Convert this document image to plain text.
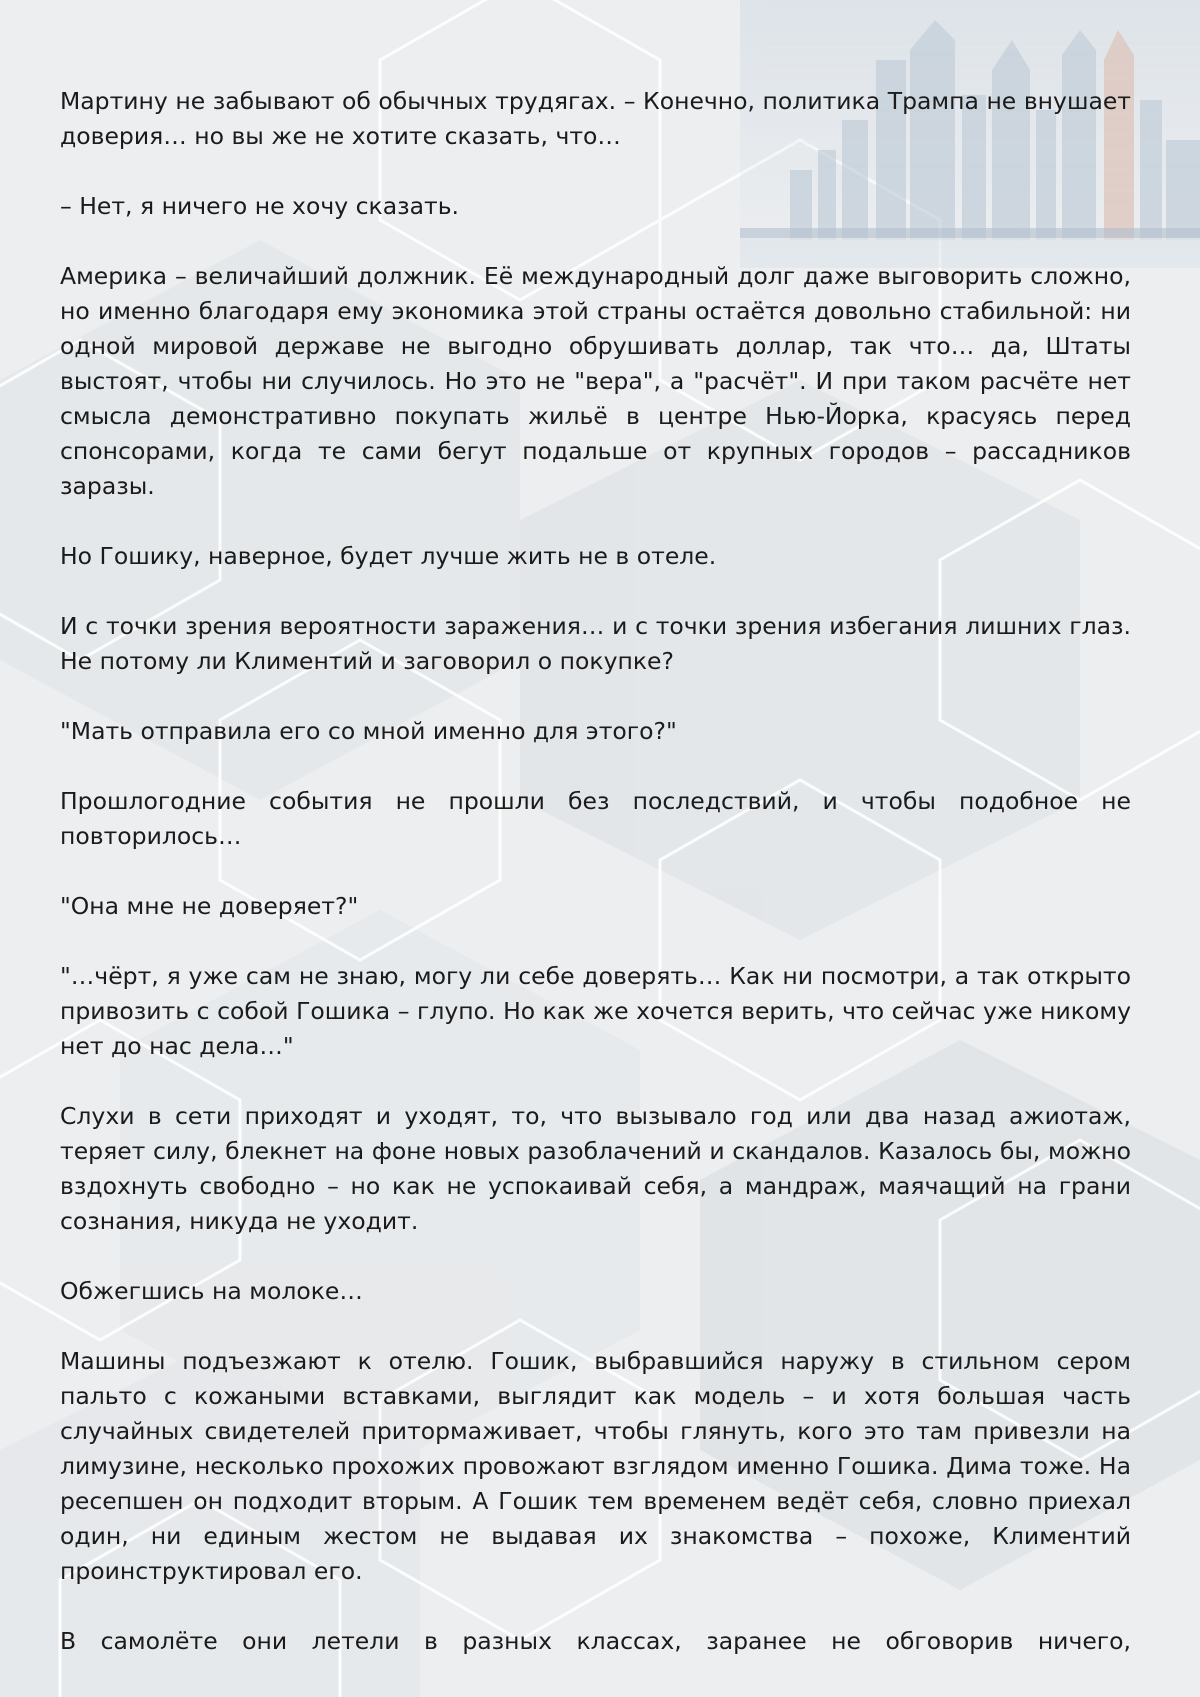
Мартину не забывают об обычных трудягах. – Конечно, политика Трампа не внушает доверия… но вы же не хотите сказать, что…

– Нет, я ничего не хочу сказать.

Америка – величайший должник. Её международный долг даже выговорить сложно, но именно благодаря ему экономика этой страны остаётся довольно стабильной: ни одной мировой державе не выгодно обрушивать доллар, так что… да, Штаты выстоят, чтобы ни случилось. Но это не "вера", а "расчёт". И при таком расчёте нет смысла демонстративно покупать жильё в центре Нью-Йорка, красуясь перед спонсорами, когда те сами бегут подальше от крупных городов – рассадников заразы.

Но Гошику, наверное, будет лучше жить не в отеле.

И с точки зрения вероятности заражения… и с точки зрения избегания лишних глаз. Не потому ли Климентий и заговорил о покупке?

"Мать отправила его со мной именно для этого?"

Прошлогодние события не прошли без последствий, и чтобы подобное не повторилось…

"Она мне не доверяет?"

"…чёрт, я уже сам не знаю, могу ли себе доверять… Как ни посмотри, а так открыто привозить с собой Гошика – глупо. Но как же хочется верить, что сейчас уже никому нет до нас дела…"

Слухи в сети приходят и уходят, то, что вызывало год или два назад ажиотаж, теряет силу, блекнет на фоне новых разоблачений и скандалов. Казалось бы, можно вздохнуть свободно – но как не успокаивай себя, а мандраж, маячащий на грани сознания, никуда не уходит.

Обжегшись на молоке…

Машины подъезжают к отелю. Гошик, выбравшийся наружу в стильном сером пальто с кожаными вставками, выглядит как модель – и хотя большая часть случайных свидетелей притормаживает, чтобы глянуть, кого это там привезли на лимузине, несколько прохожих провожают взглядом именно Гошика. Дима тоже. На ресепшен он подходит вторым. А Гошик тем временем ведёт себя, словно приехал один, ни единым жестом не выдавая их знакомства – похоже, Климентий проинструктировал его.

В самолёте они летели в разных классах, заранее не обговорив ничего,
